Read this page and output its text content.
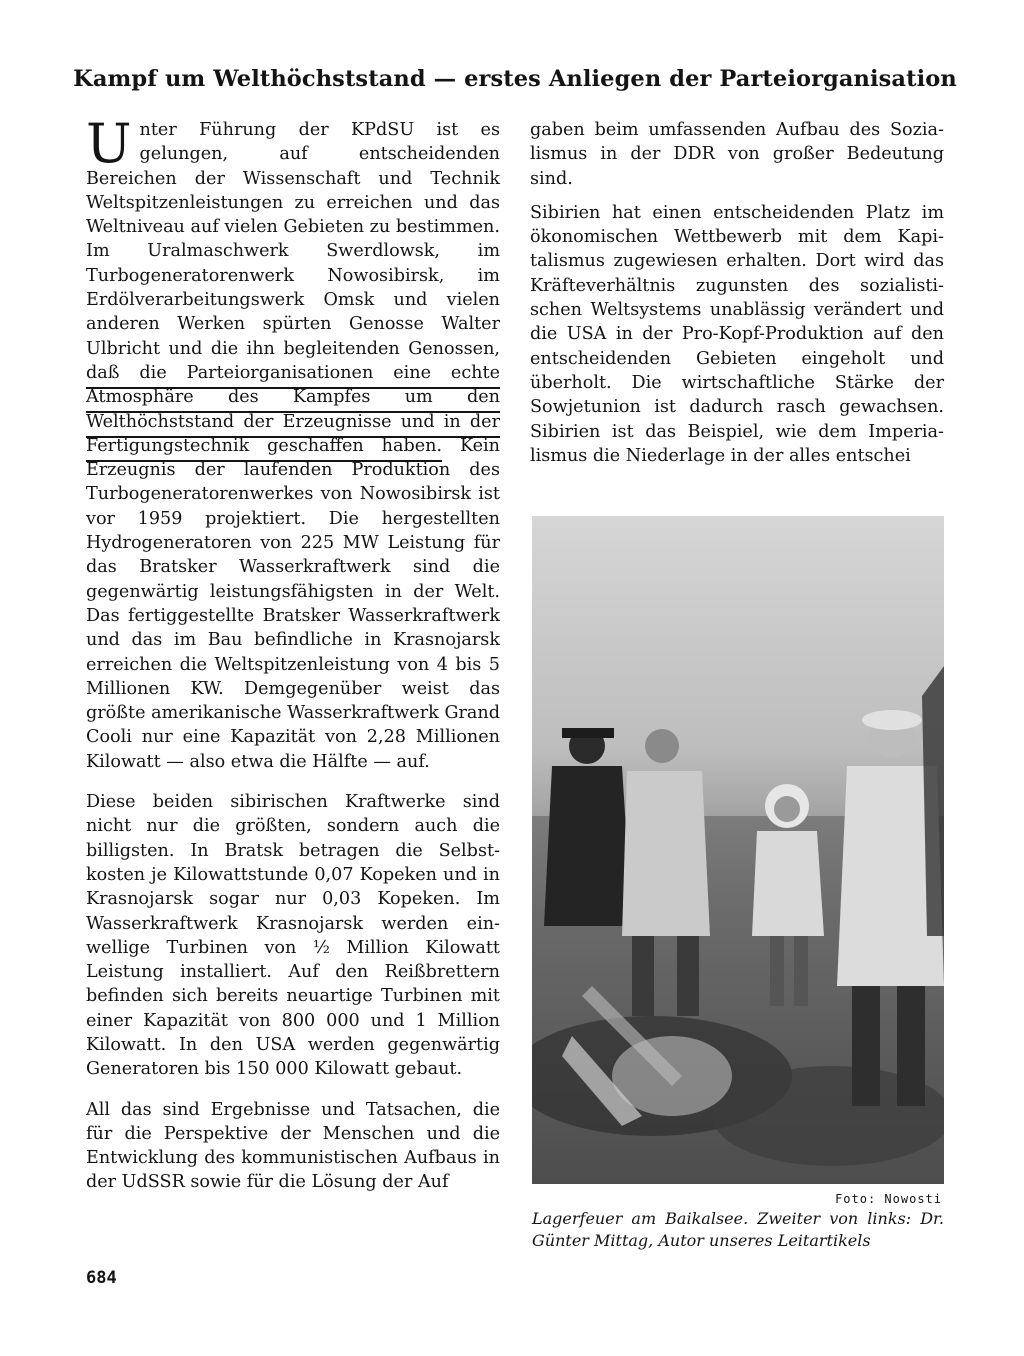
Kampf um Welthöchststand — erstes Anliegen der Parteiorganisation

Unter Führung der KPdSU ist es gelungen, auf entscheidenden Bereichen der Wissenschaft und Technik Weltspitzenleistungen zu erreichen und das Weltniveau auf vielen Gebieten zu bestimmen. Im Uralmaschwerk Swerdlowsk, im Turbogeneratorenwerk Nowosibirsk, im Erdölverarbeitungswerk Omsk und vielen anderen Werken spürten Genosse Walter Ulbricht und die ihn begleitenden Genossen, daß die Parteiorganisationen eine echte Atmosphäre des Kampfes um den Welthöchststand der Erzeugnisse und in der Fertigungstechnik geschaffen haben. Kein Erzeugnis der laufenden Produktion des Turbogeneratorenwerkes von Nowosibirsk ist vor 1959 projektiert. Die hergestellten Hydrogeneratoren von 225 MW Leistung für das Bratsker Wasserkraftwerk sind die gegenwärtig leistungsfähigsten in der Welt. Das fertiggestellte Bratsker Wasserkraftwerk und das im Bau befindliche in Krasnojarsk erreichen die Weltspitzenleistung von 4 bis 5 Millionen KW. Demgegenüber weist das größte amerikanische Wasserkraftwerk Grand Cooli nur eine Kapazität von 2,28 Millionen Kilowatt — also etwa die Hälfte — auf.

Diese beiden sibirischen Kraftwerke sind nicht nur die größten, sondern auch die billigsten. In Bratsk betragen die Selbstkosten je Kilowattstunde 0,07 Kopeken und in Krasnojarsk sogar nur 0,03 Kopeken. Im Wasserkraftwerk Krasnojarsk werden einwellige Turbinen von ½ Million Kilowatt Leistung installiert. Auf den Reißbrettern befinden sich bereits neuartige Turbinen mit einer Kapazität von 800 000 und 1 Million Kilowatt. In den USA werden gegenwärtig Generatoren bis 150 000 Kilowatt gebaut.

All das sind Ergebnisse und Tatsachen, die für die Perspektive der Menschen und die Entwicklung des kommunistischen Aufbaus in der UdSSR sowie für die Lösung der Auf

gaben beim umfassenden Aufbau des Sozialismus in der DDR von großer Bedeutung sind.

Sibirien hat einen entscheidenden Platz im ökonomischen Wettbewerb mit dem Kapitalismus zugewiesen erhalten. Dort wird das Kräfteverhältnis zugunsten des sozialistischen Weltsystems unablässig verändert und die USA in der Pro-Kopf-Produktion auf den entscheidenden Gebieten eingeholt und überholt. Die wirtschaftliche Stärke der Sowjetunion ist dadurch rasch gewachsen. Sibirien ist das Beispiel, wie dem Imperialismus die Niederlage in der alles entschei

Foto: Nowosti
Lagerfeuer am Baikalsee. Zweiter von links: Dr. Günter Mittag, Autor unseres Leitartikels
684
